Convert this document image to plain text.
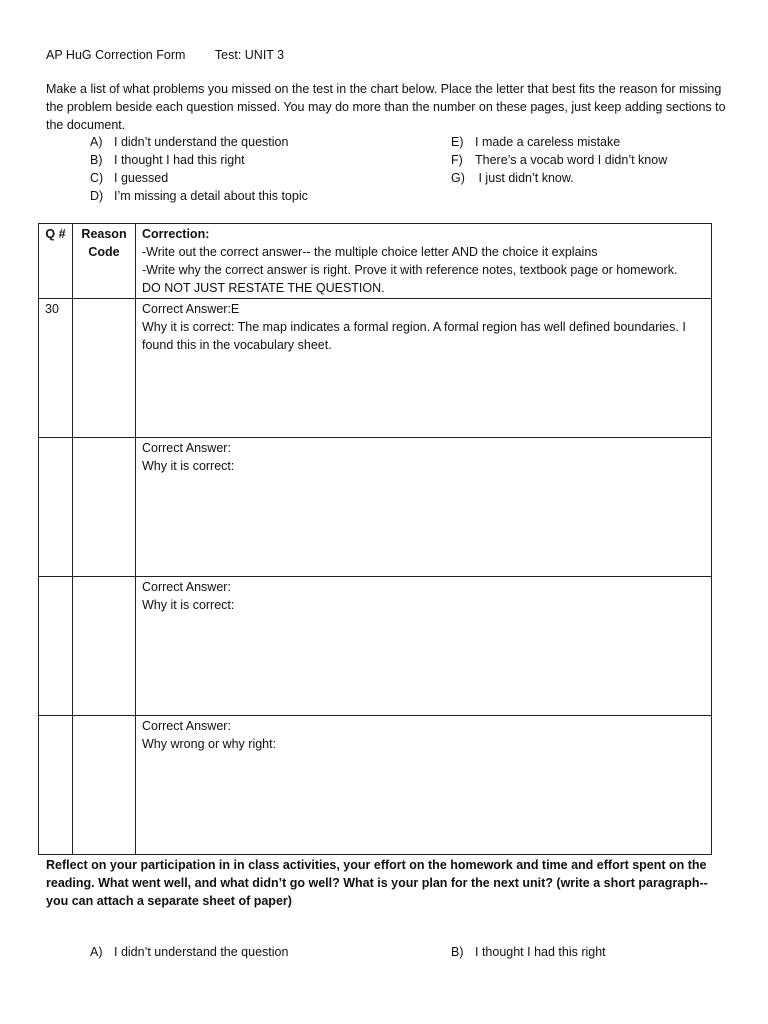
AP HuG Correction Form Test: UNIT 3
Make a list of what problems you missed on the test in the chart below. Place the letter that best fits the reason for missing the problem beside each question missed. You may do more than the number on these pages, just keep adding sections to the document.
A) I didn’t understand the question
B) I thought I had this right
C) I guessed
D) I’m missing a detail about this topic
E) I made a careless mistake
F) There’s a vocab word I didn’t know
G) I just didn’t know.
Q #	Reason Code	Correction:
-Write out the correct answer-- the multiple choice letter AND the choice it explains
-Write why the correct answer is right. Prove it with reference notes, textbook page or homework.
DO NOT JUST RESTATE THE QUESTION.

30		Correct Answer:E
Why it is correct: The map indicates a formal region. A formal region has well defined boundaries. I found this in the vocabulary sheet.

		Correct Answer:
Why it is correct:

		Correct Answer:
Why it is correct:

		Correct Answer:
Why wrong or why right:
Reflect on your participation in in class activities, your effort on the homework and time and effort spent on the reading. What went well, and what didn’t go well? What is your plan for the next unit? (write a short paragraph-- you can attach a separate sheet of paper)
A) I didn’t understand the question	B) I thought I had this right
